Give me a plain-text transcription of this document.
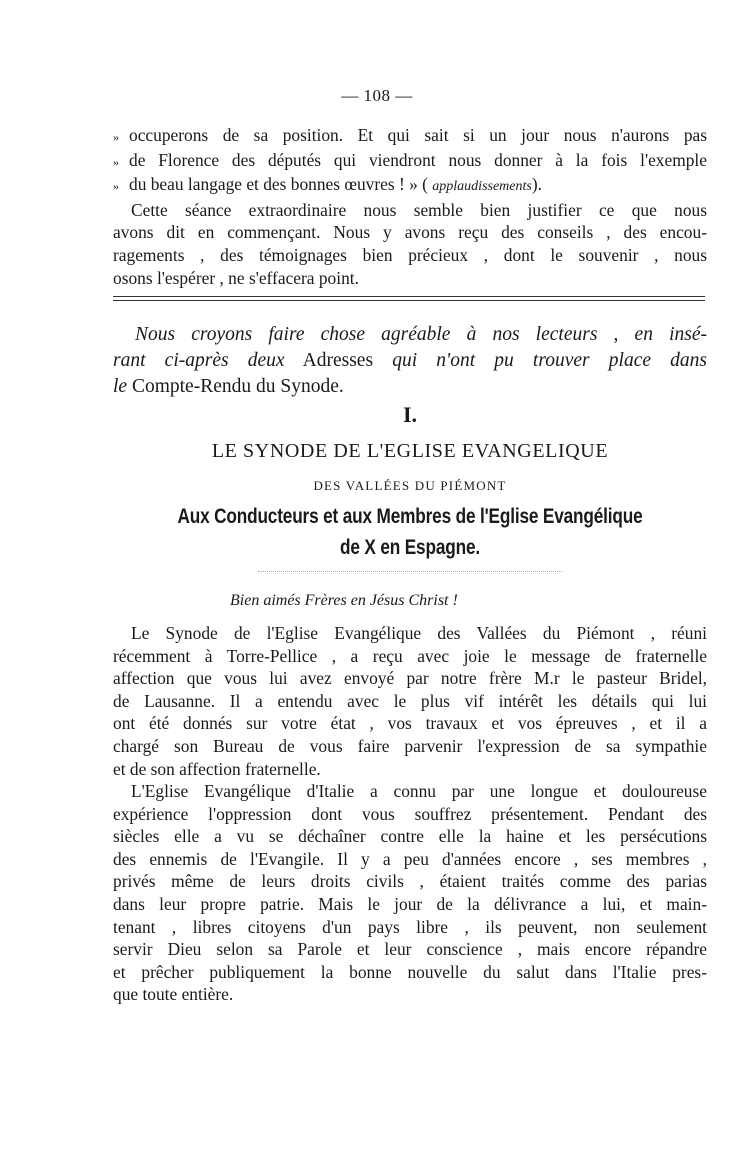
— 108 —
» occuperons de sa position. Et qui sait si un jour nous n'aurons pas
» de Florence des députés qui viendront nous donner à la fois l'exemple
» du beau langage et des bonnes œuvres ! » ( applaudissements).
Cette séance extraordinaire nous semble bien justifier ce que nous
avons dit en commençant. Nous y avons reçu des conseils , des encou-
ragements , des témoignages bien précieux , dont le souvenir , nous
osons l'espérer , ne s'effacera point.
Nous croyons faire chose agréable à nos lecteurs , en insé-
rant ci-après deux Adresses qui n'ont pu trouver place dans
le Compte-Rendu du Synode.
I.
LE SYNODE DE L'EGLISE EVANGELIQUE
DES VALLÉES DU PIÉMONT
Aux Conducteurs et aux Membres de l'Eglise Evangélique
de X en Espagne.
Bien aimés Frères en Jésus Christ !
Le Synode de l'Eglise Evangélique des Vallées du Piémont , réuni
récemment à Torre-Pellice , a reçu avec joie le message de fraternelle
affection que vous lui avez envoyé par notre frère M.r le pasteur Bridel,
de Lausanne. Il a entendu avec le plus vif intérêt les détails qui lui
ont été donnés sur votre état , vos travaux et vos épreuves , et il a
chargé son Bureau de vous faire parvenir l'expression de sa sympathie
et de son affection fraternelle.
L'Eglise Evangélique d'Italie a connu par une longue et douloureuse
expérience l'oppression dont vous souffrez présentement. Pendant des
siècles elle a vu se déchaîner contre elle la haine et les persécutions
des ennemis de l'Evangile. Il y a peu d'années encore , ses membres ,
privés même de leurs droits civils , étaient traités comme des parias
dans leur propre patrie. Mais le jour de la délivrance a lui, et main-
tenant , libres citoyens d'un pays libre , ils peuvent, non seulement
servir Dieu selon sa Parole et leur conscience , mais encore répandre
et prêcher publiquement la bonne nouvelle du salut dans l'Italie pres-
que toute entière.
